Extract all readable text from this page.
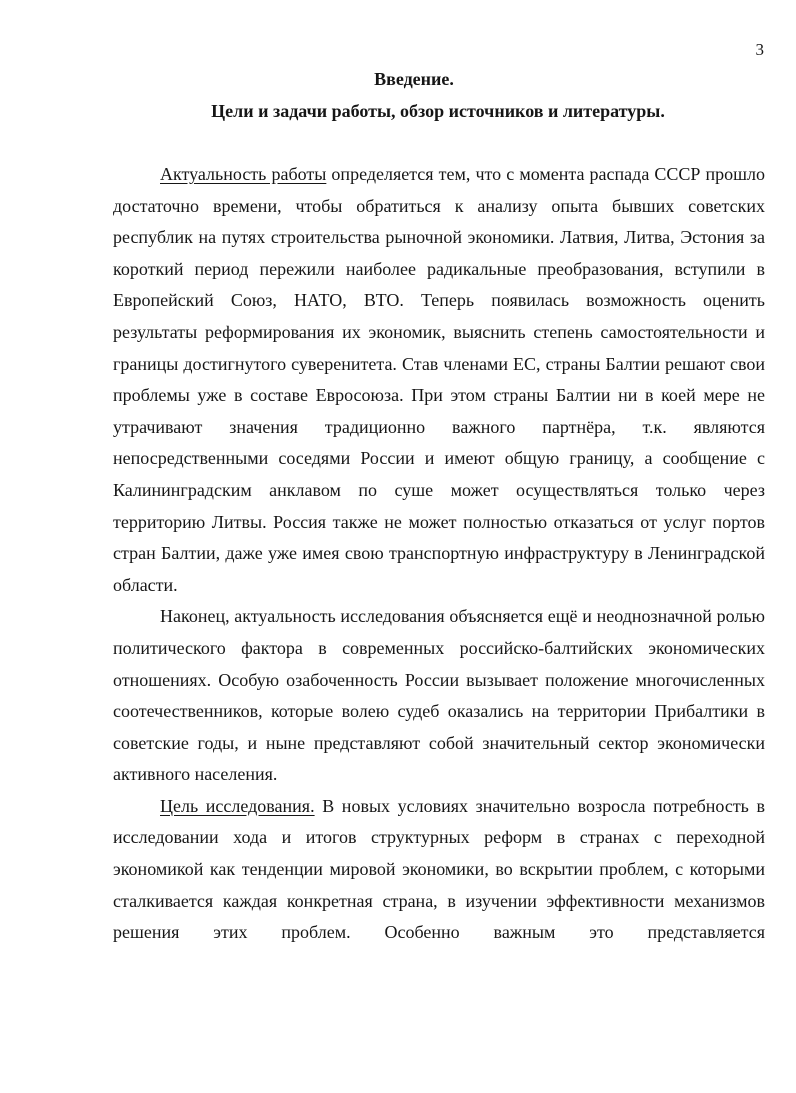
3
Введение.
Цели и задачи работы, обзор источников и литературы.

Актуальность работы определяется тем, что с момента распада СССР прошло достаточно времени, чтобы обратиться к анализу опыта бывших советских республик на путях строительства рыночной экономики. Латвия, Литва, Эстония за короткий период пережили наиболее радикальные преобразования, вступили в Европейский Союз, НАТО, ВТО. Теперь появилась возможность оценить результаты реформирования их экономик, выяснить степень самостоятельности и границы достигнутого суверенитета. Став членами ЕС, страны Балтии решают свои проблемы уже в составе Евросоюза. При этом страны Балтии ни в коей мере не утрачивают значения традиционно важного партнёра, т.к. являются непосредственными соседями России и имеют общую границу, а сообщение с Калининградским анклавом по суше может осуществляться только через территорию Литвы. Россия также не может полностью отказаться от услуг портов стран Балтии, даже уже имея свою транспортную инфраструктуру в Ленинградской области.

Наконец, актуальность исследования объясняется ещё и неоднозначной ролью политического фактора в современных российско-балтийских экономических отношениях. Особую озабоченность России вызывает положение многочисленных соотечественников, которые волею судеб оказались на территории Прибалтики в советские годы, и ныне представляют собой значительный сектор экономически активного населения.

Цель исследования. В новых условиях значительно возросла потребность в исследовании хода и итогов структурных реформ в странах с переходной экономикой как тенденции мировой экономики, во вскрытии проблем, с которыми сталкивается каждая конкретная страна, в изучении эффективности механизмов решения этих проблем. Особенно важным это представляется
